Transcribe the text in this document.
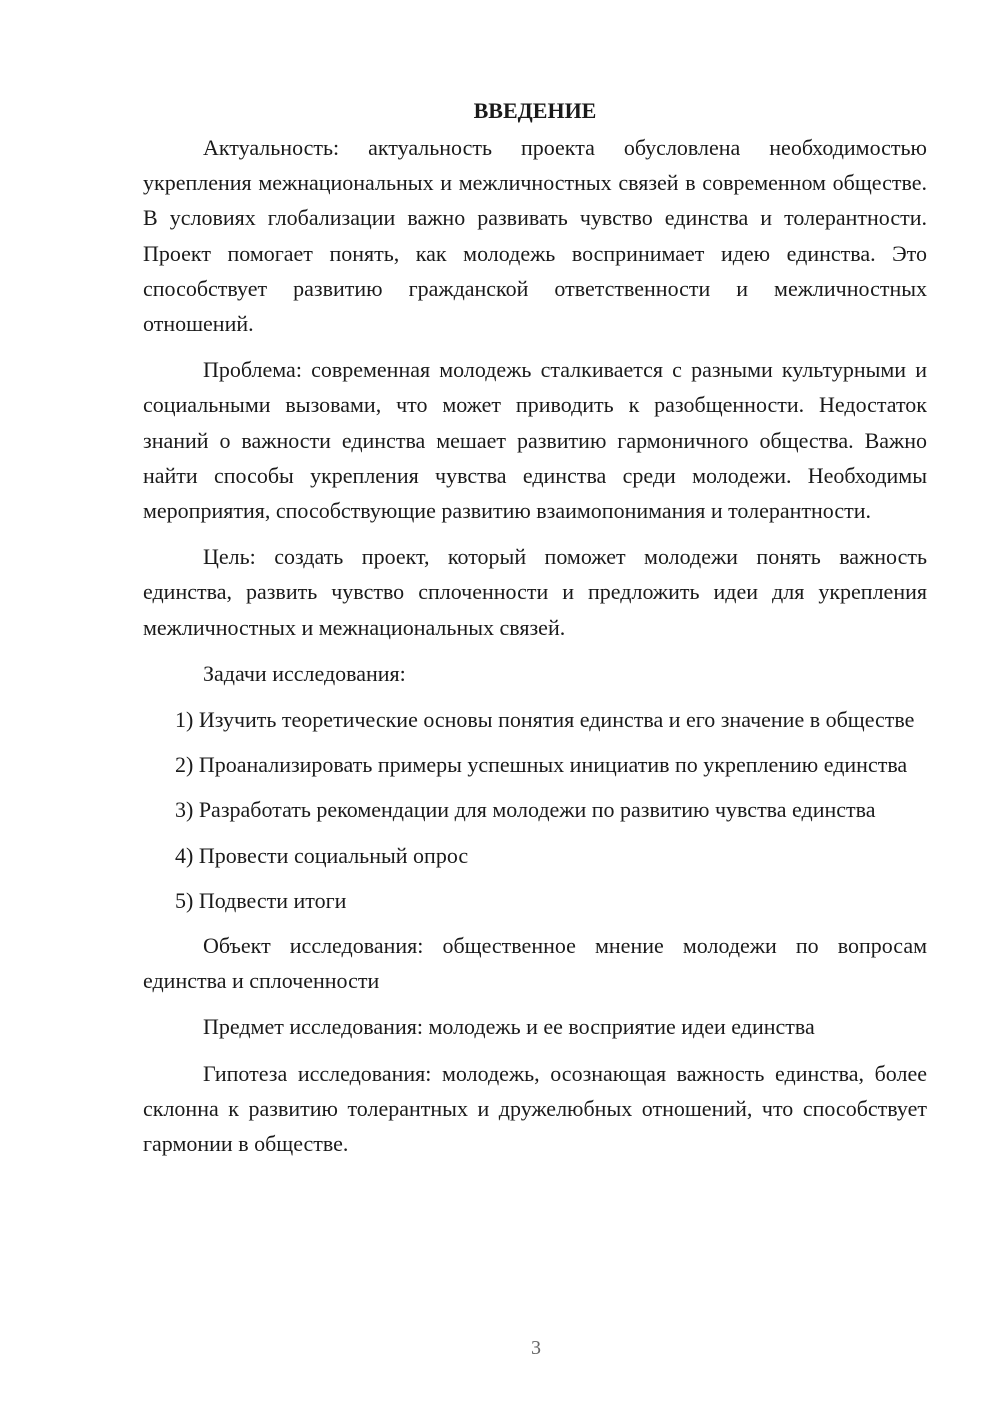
ВВЕДЕНИЕ

Актуальность: актуальность проекта обусловлена необходимостью укрепления межнациональных и межличностных связей в современном обществе. В условиях глобализации важно развивать чувство единства и толерантности. Проект помогает понять, как молодежь воспринимает идею единства. Это способствует развитию гражданской ответственности и межличностных отношений.

Проблема: современная молодежь сталкивается с разными культурными и социальными вызовами, что может приводить к разобщенности. Недостаток знаний о важности единства мешает развитию гармоничного общества. Важно найти способы укрепления чувства единства среди молодежи. Необходимы мероприятия, способствующие развитию взаимопонимания и толерантности.

Цель: создать проект, который поможет молодежи понять важность единства, развить чувство сплоченности и предложить идеи для укрепления межличностных и межнациональных связей.

Задачи исследования:

1) Изучить теоретические основы понятия единства и его значение в обществе

2) Проанализировать примеры успешных инициатив по укреплению единства

3) Разработать рекомендации для молодежи по развитию чувства единства

4) Провести социальный опрос

5) Подвести итоги

Объект исследования: общественное мнение молодежи по вопросам единства и сплоченности

Предмет исследования: молодежь и ее восприятие идеи единства

Гипотеза исследования: молодежь, осознающая важность единства, более склонна к развитию толерантных и дружелюбных отношений, что способствует гармонии в обществе.

3
